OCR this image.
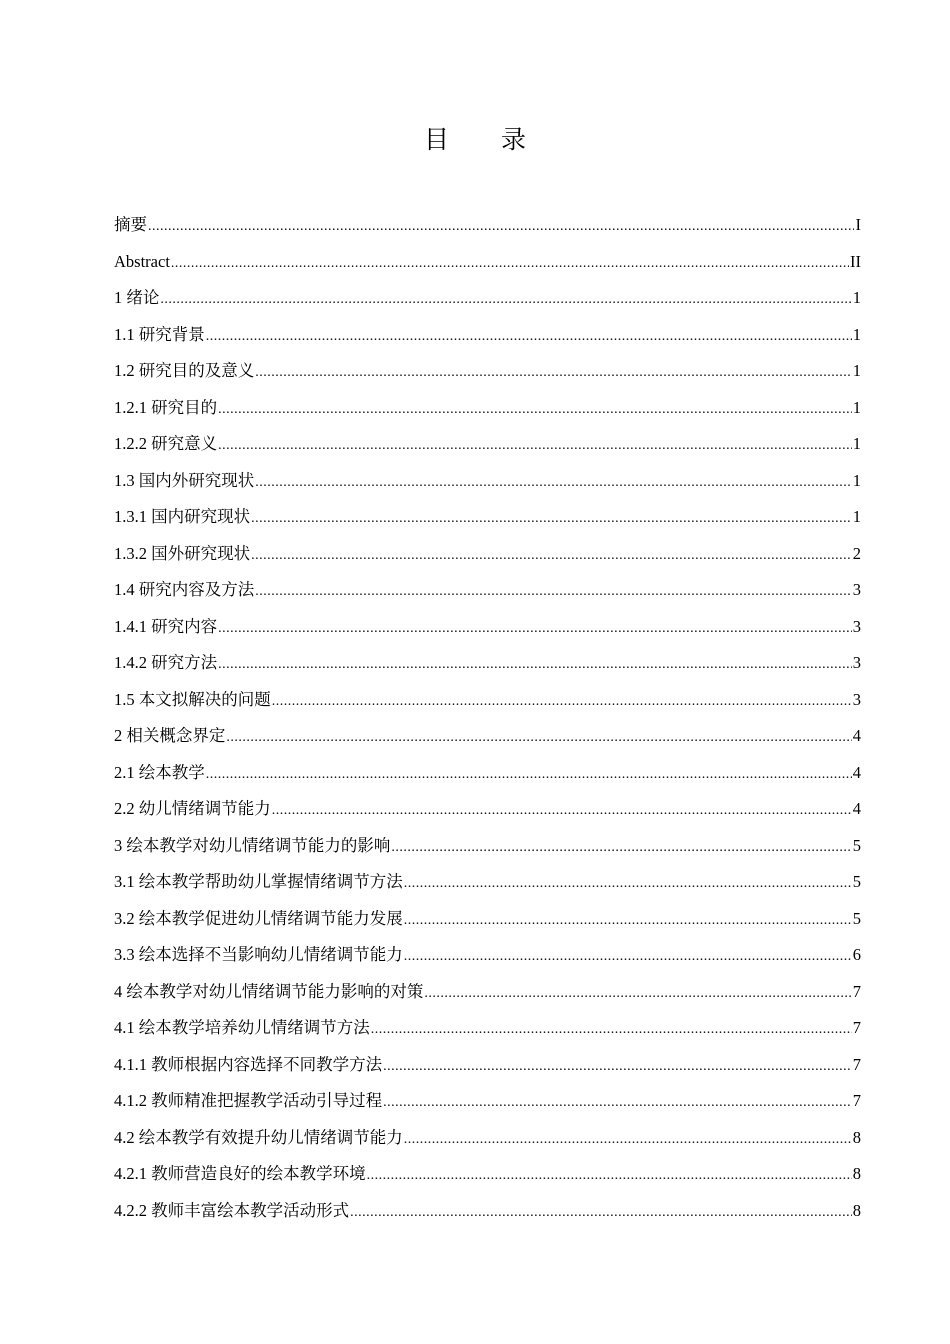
目 录
摘要 .....	I
Abstract .....	II
1 绪论 .....	1
1.1 研究背景 .....	1
1.2 研究目的及意义 .....	1
1.2.1 研究目的 .....	1
1.2.2 研究意义 .....	1
1.3 国内外研究现状 .....	1
1.3.1 国内研究现状 .....	1
1.3.2 国外研究现状 .....	2
1.4 研究内容及方法 .....	3
1.4.1 研究内容 .....	3
1.4.2 研究方法 .....	3
1.5 本文拟解决的问题 .....	3
2 相关概念界定 .....	4
2.1 绘本教学 .....	4
2.2 幼儿情绪调节能力 .....	4
3 绘本教学对幼儿情绪调节能力的影响 .....	5
3.1 绘本教学帮助幼儿掌握情绪调节方法 .....	5
3.2 绘本教学促进幼儿情绪调节能力发展 .....	5
3.3 绘本选择不当影响幼儿情绪调节能力 .....	6
4 绘本教学对幼儿情绪调节能力影响的对策 .....	7
4.1 绘本教学培养幼儿情绪调节方法 .....	7
4.1.1 教师根据内容选择不同教学方法 .....	7
4.1.2 教师精准把握教学活动引导过程 .....	7
4.2 绘本教学有效提升幼儿情绪调节能力 .....	8
4.2.1 教师营造良好的绘本教学环境 .....	8
4.2.2 教师丰富绘本教学活动形式 .....	8
